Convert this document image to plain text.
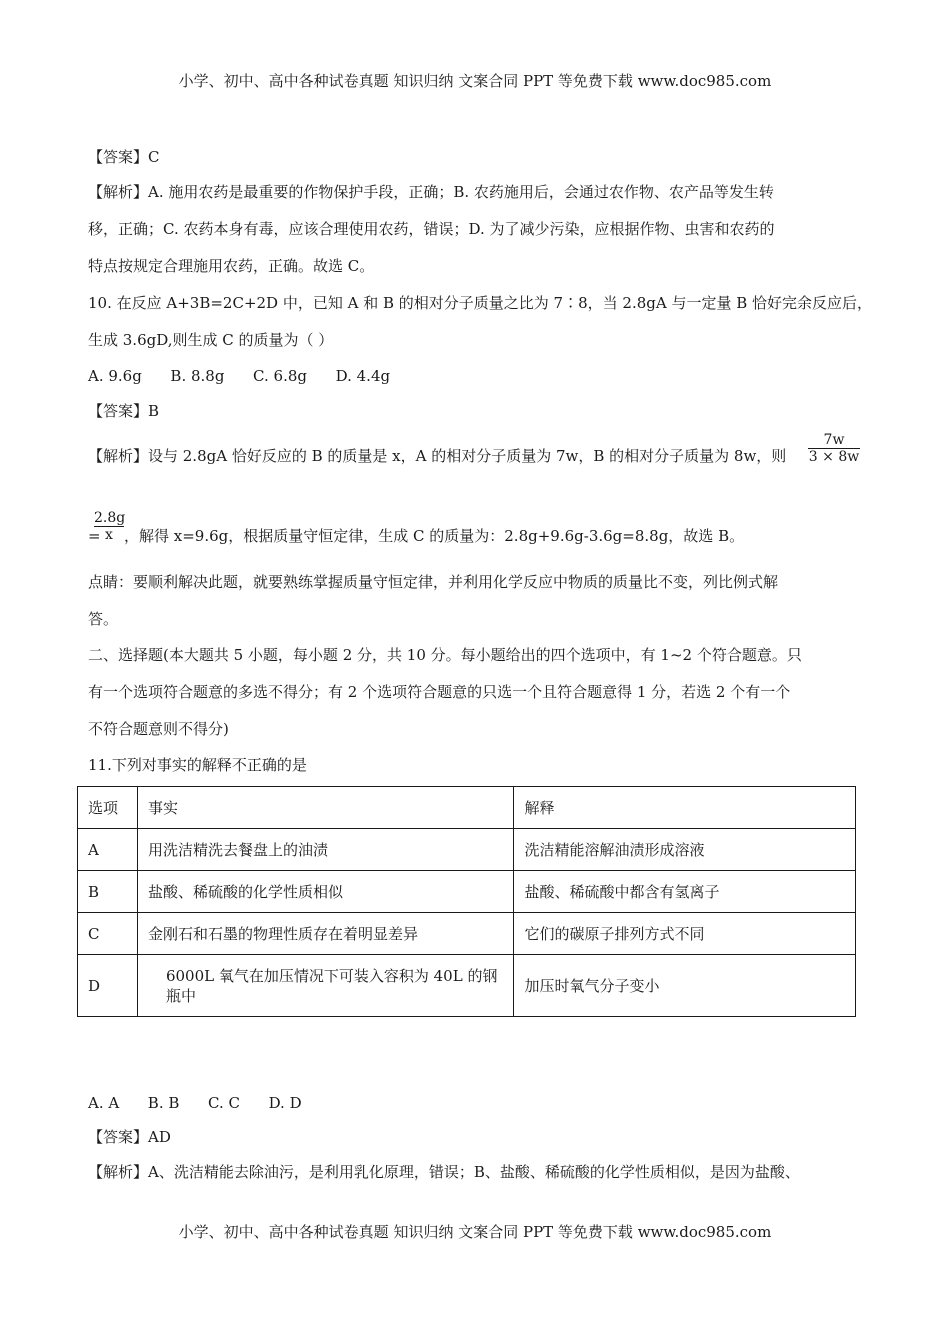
小学、初中、高中各种试卷真题 知识归纳 文案合同 PPT 等免费下载 www.doc985.com
【答案】C
【解析】A. 施用农药是最重要的作物保护手段，正确；B. 农药施用后，会通过农作物、农产品等发生转
移，正确；C. 农药本身有毒，应该合理使用农药，错误；D. 为了减少污染，应根据作物、虫害和农药的
特点按规定合理施用农药，正确。故选 C。
10. 在反应 A+3B=2C+2D 中，已知 A 和 B 的相对分子质量之比为 7∶8，当 2.8gA 与一定量 B 恰好完余反应后，
生成 3.6gD,则生成 C 的质量为（ ）
A. 9.6g      B. 8.8g      C. 6.8g      D. 4.4g
【答案】B
【解析】设与 2.8gA 恰好反应的 B 的质量是 x，A 的相对分子质量为 7w，B 的相对分子质量为 8w，则
7w
3 × 8w
=
2.8g
x ，解得 x=9.6g，根据质量守恒定律，生成 C 的质量为：2.8g+9.6g-3.6g=8.8g，故选 B。
点睛：要顺利解决此题，就要熟练掌握质量守恒定律，并利用化学反应中物质的质量比不变，列比例式解
答。
二、选择题(本大题共 5 小题，每小题 2 分，共 10 分。每小题给出的四个选项中，有 1~2 个符合题意。只
有一个选项符合题意的多选不得分；有 2 个选项符合题意的只选一个且符合题意得 1 分，若选 2 个有一个
不符合题意则不得分)
11.下列对事实的解释不正确的是
选项	事实	解释
A	用洗洁精洗去餐盘上的油渍	洗洁精能溶解油渍形成溶液
B	盐酸、稀硫酸的化学性质相似	盐酸、稀硫酸中都含有氢离子
C	金刚石和石墨的物理性质存在着明显差异	它们的碳原子排列方式不同
D	6000L 氧气在加压情况下可装入容积为 40L 的钢瓶中	加压时氧气分子变小
A. A      B. B      C. C      D. D
【答案】AD
【解析】A、洗洁精能去除油污，是利用乳化原理，错误；B、盐酸、稀硫酸的化学性质相似，是因为盐酸、
小学、初中、高中各种试卷真题 知识归纳 文案合同 PPT 等免费下载 www.doc985.com
